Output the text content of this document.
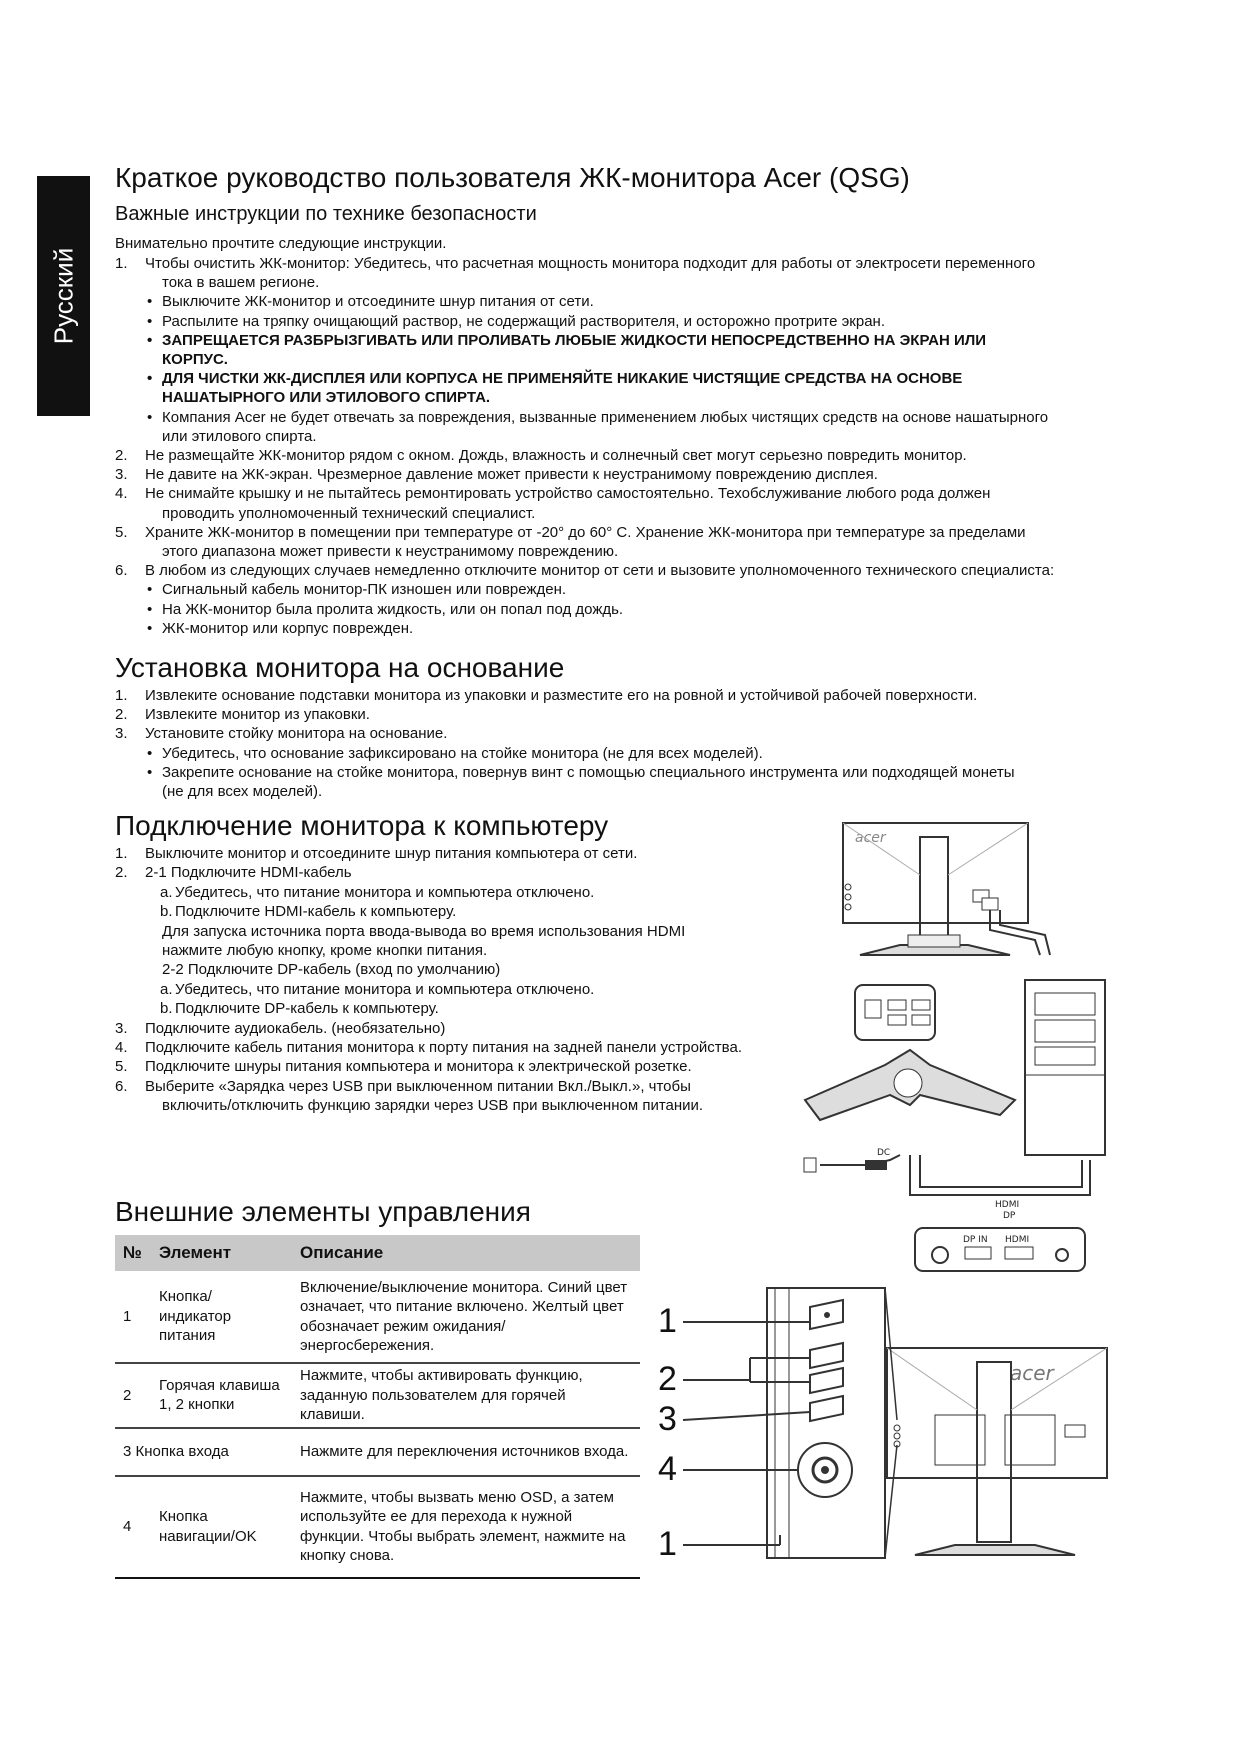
Русский
Краткое руководство пользователя ЖК-монитора Acer (QSG)
Важные инструкции по технике безопасности
Внимательно прочтите следующие инструкции.
1. Чтобы очистить ЖК-монитор: Убедитесь, что расчетная мощность монитора подходит для работы от электросети переменного
тока в вашем регионе.
• Выключите ЖК-монитор и отсоедините шнур питания от сети.
• Распылите на тряпку очищающий раствор, не содержащий растворителя, и осторожно протрите экран.
• ЗАПРЕЩАЕТСЯ РАЗБРЫЗГИВАТЬ ИЛИ ПРОЛИВАТЬ ЛЮБЫЕ ЖИДКОСТИ НЕПОСРЕДСТВЕННО НА ЭКРАН ИЛИ
КОРПУС.
• ДЛЯ ЧИСТКИ ЖК-ДИСПЛЕЯ ИЛИ КОРПУСА НЕ ПРИМЕНЯЙТЕ НИКАКИЕ ЧИСТЯЩИЕ СРЕДСТВА НА ОСНОВЕ
НАШАТЫРНОГО ИЛИ ЭТИЛОВОГО СПИРТА.
• Компания Acer не будет отвечать за повреждения, вызванные применением любых чистящих средств на основе нашатырного
или этилового спирта.
2. Не размещайте ЖК-монитор рядом с окном. Дождь, влажность и солнечный свет могут серьезно повредить монитор.
3. Не давите на ЖК-экран. Чрезмерное давление может привести к неустранимому повреждению дисплея.
4. Не снимайте крышку и не пытайтесь ремонтировать устройство самостоятельно. Техобслуживание любого рода должен
проводить уполномоченный технический специалист.
5. Храните ЖК-монитор в помещении при температуре от -20° до 60° C. Хранение ЖК-монитора при температуре за пределами
этого диапазона может привести к неустранимому повреждению.
6. В любом из следующих случаев немедленно отключите монитор от сети и вызовите уполномоченного технического специалиста:
• Сигнальный кабель монитор-ПК изношен или поврежден.
• На ЖК-монитор была пролита жидкость, или он попал под дождь.
• ЖК-монитор или корпус поврежден.
Установка монитора на основание
1. Извлеките основание подставки монитора из упаковки и разместите его на ровной и устойчивой рабочей поверхности.
2. Извлеките монитор из упаковки.
3. Установите стойку монитора на основание.
• Убедитесь, что основание зафиксировано на стойке монитора (не для всех моделей).
• Закрепите основание на стойке монитора, повернув винт с помощью специального инструмента или подходящей монеты
(не для всех моделей).
Подключение монитора к компьютеру
1. Выключите монитор и отсоедините шнур питания компьютера от сети.
2. 2-1 Подключите HDMI-кабель
a. Убедитесь, что питание монитора и компьютера отключено.
b. Подключите HDMI-кабель к компьютеру.
Для запуска источника порта ввода-вывода во время использования HDMI
нажмите любую кнопку, кроме кнопки питания.
2-2 Подключите DP-кабель (вход по умолчанию)
a. Убедитесь, что питание монитора и компьютера отключено.
b. Подключите DP-кабель к компьютеру.
3. Подключите аудиокабель. (необязательно)
4. Подключите кабель питания монитора к порту питания на задней панели устройства.
5. Подключите шнуры питания компьютера и монитора к электрической розетке.
6. Выберите «Зарядка через USB при выключенном питании Вкл./Выкл.», чтобы
включить/отключить функцию зарядки через USB при выключенном питании.
acer
DC
HDMI
DP
DP IN HDMI
Внешние элементы управления
№	Элемент	Описание
1	Кнопка/ индикатор питания	Включение/выключение монитора. Синий цвет означает, что питание включено. Желтый цвет обозначает режим ожидания/энергосбережения.
2	Горячая клавиша 1, 2 кнопки	Нажмите, чтобы активировать функцию, заданную пользователем для горячей клавиши.
3 Кнопка входа		Нажмите для переключения источников входа.
4	Кнопка навигации/OK	Нажмите, чтобы вызвать меню OSD, а затем используйте ее для перехода к нужной функции. Чтобы выбрать элемент, нажмите на кнопку снова.
1
2
3
4
1
acer
